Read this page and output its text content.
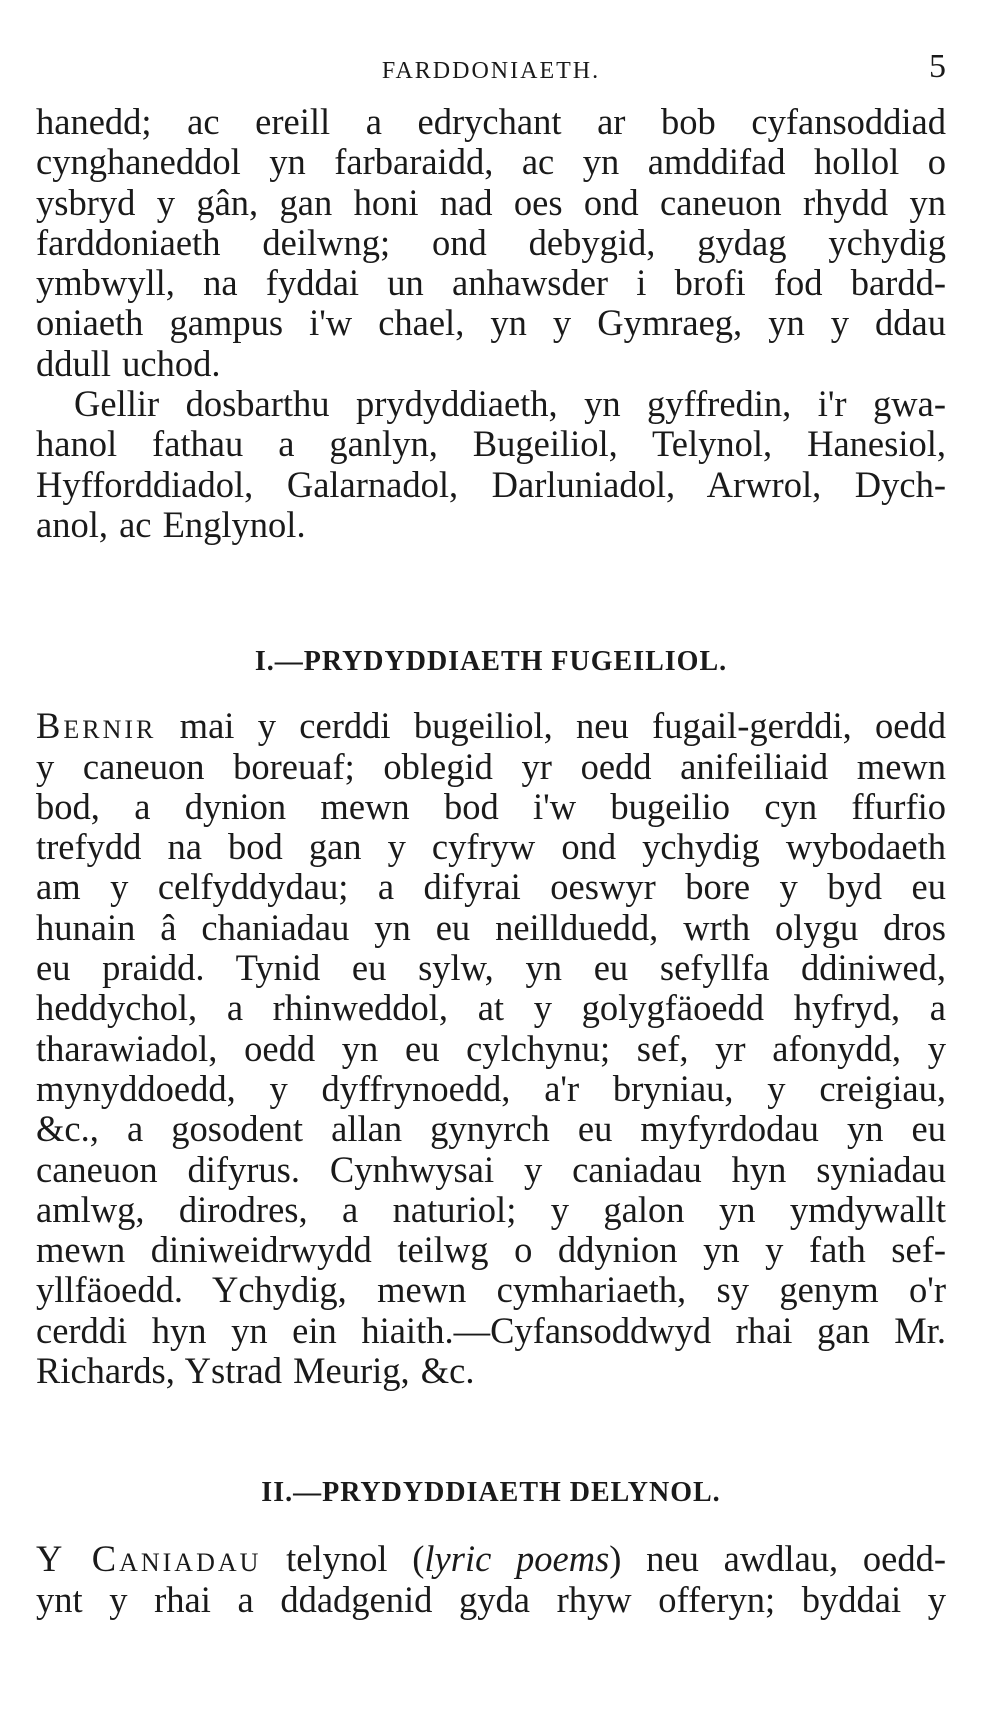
FARDDONIAETH.	5
hanedd; ac ereill a edrychant ar bob cyfansoddiad
cynghaneddol yn farbaraidd, ac yn amddifad hollol o
ysbryd y gân, gan honi nad oes ond caneuon rhydd yn
farddoniaeth deilwng; ond debygid, gydag ychydig
ymbwyll, na fyddai un anhawsder i brofi fod bardd-
oniaeth gampus i'w chael, yn y Gymraeg, yn y ddau
ddull uchod.
Gellir dosbarthu prydyddiaeth, yn gyffredin, i'r gwa-
hanol fathau a ganlyn, Bugeiliol, Telynol, Hanesiol,
Hyfforddiadol, Galarnadol, Darluniadol, Arwrol, Dych-
anol, ac Englynol.
I.—PRYDYDDIAETH FUGEILIOL.
Bernir mai y cerddi bugeiliol, neu fugail-gerddi, oedd
y caneuon boreuaf; oblegid yr oedd anifeiliaid mewn
bod, a dynion mewn bod i'w bugeilio cyn ffurfio
trefydd na bod gan y cyfryw ond ychydig wybodaeth
am y celfyddydau; a difyrai oeswyr bore y byd eu
hunain â chaniadau yn eu neillduedd, wrth olygu dros
eu praidd. Tynid eu sylw, yn eu sefyllfa ddiniwed,
heddychol, a rhinweddol, at y golygfäoedd hyfryd, a
tharawiadol, oedd yn eu cylchynu; sef, yr afonydd, y
mynyddoedd, y dyffrynoedd, a'r bryniau, y creigiau,
&c., a gosodent allan gynyrch eu myfyrdodau yn eu
caneuon difyrus. Cynhwysai y caniadau hyn syniadau
amlwg, dirodres, a naturiol; y galon yn ymdywallt
mewn diniweidrwydd teilwg o ddynion yn y fath sef-
yllfäoedd. Ychydig, mewn cymhariaeth, sy genym o'r
cerddi hyn yn ein hiaith.—Cyfansoddwyd rhai gan Mr.
Richards, Ystrad Meurig, &c.
II.—PRYDYDDIAETH DELYNOL.
Y Caniadau telynol (lyric poems) neu awdlau, oedd-
ynt y rhai a ddadgenid gyda rhyw offeryn; byddai y
